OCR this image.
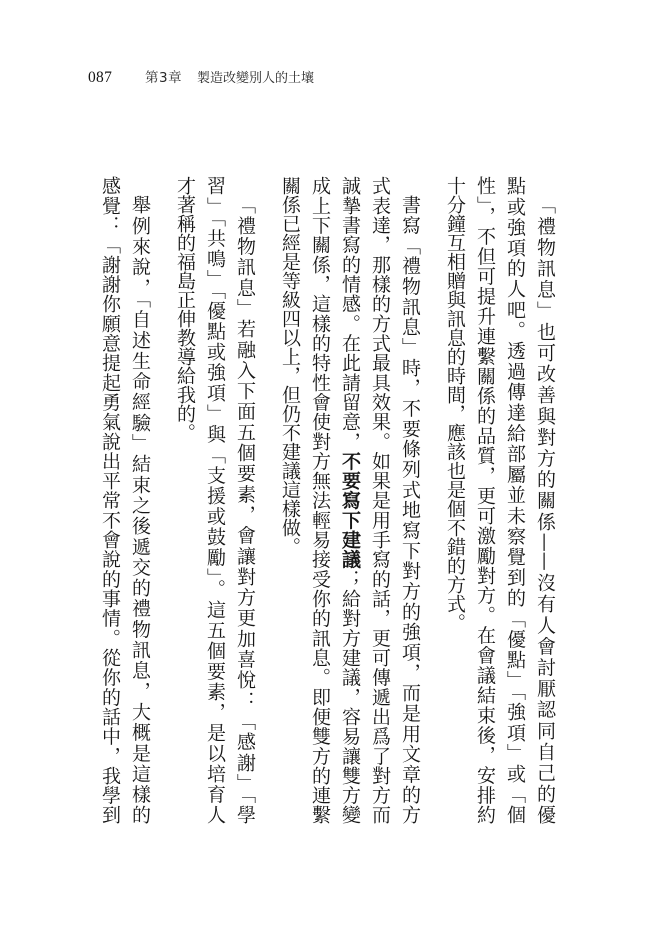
087 第3章 製造改變別人的土壤
「禮物訊息」也可改善與對方的關係——沒有人會討厭認同自己的優
點或強項的人吧。透過傳達給部屬並未察覺到的「優點」「強項」或「個
性」，不但可提升連繫關係的品質，更可激勵對方。在會議結束後，安排約
十分鐘互相贈與訊息的時間，應該也是個不錯的方式。
書寫「禮物訊息」時，不要條列式地寫下對方的強項，而是用文章的方
式表達，那樣的方式最具效果。如果是用手寫的話，更可傳遞出爲了對方而
誠摯書寫的情感。在此請留意，不要寫下建議；給對方建議，容易讓雙方變
成上下關係，這樣的特性會使對方無法輕易接受你的訊息。即便雙方的連繫
關係已經是等級四以上，但仍不建議這樣做。
「禮物訊息」若融入下面五個要素，會讓對方更加喜悅：「感謝」「學
習」「共鳴」「優點或強項」與「支援或鼓勵」。這五個要素，是以培育人
才著稱的福島正伸教導給我的。
舉例來說，「自述生命經驗」結束之後遞交的禮物訊息，大概是這樣的
感覺：「謝謝你願意提起勇氣說出平常不會說的事情。從你的話中，我學到
